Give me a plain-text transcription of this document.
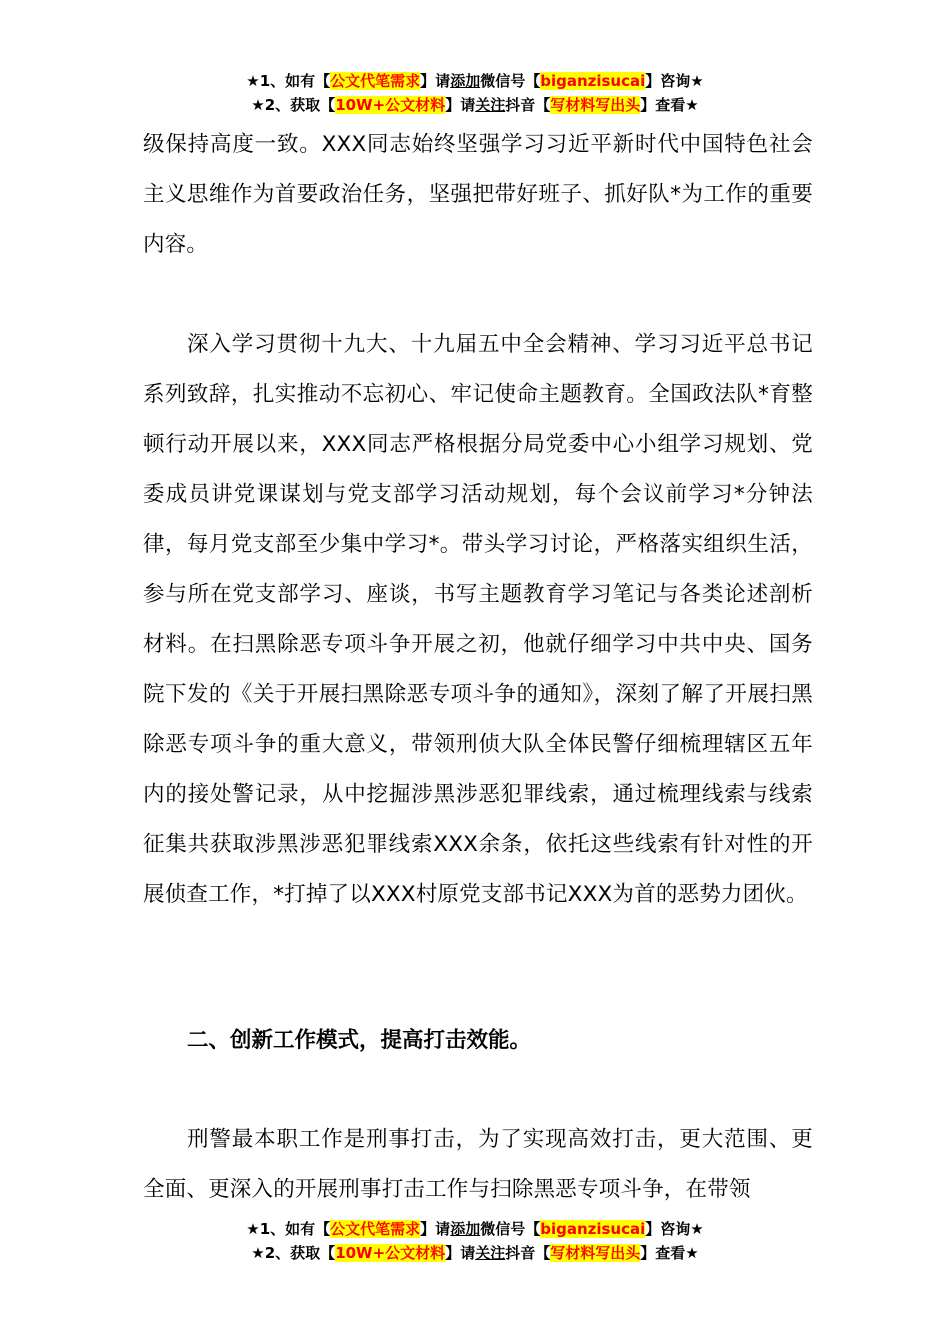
★1、如有【公文代笔需求】请添加微信号【biganzisucai】咨询★
★2、获取【10W+公文材料】请关注抖音【写材料写出头】查看★

级保持高度一致。XXX同志始终坚强学习习近平新时代中国特色社会主义思维作为首要政治任务，坚强把带好班子、抓好队*为工作的重要内容。

深入学习贯彻十九大、十九届五中全会精神、学习习近平总书记系列致辞，扎实推动不忘初心、牢记使命主题教育。全国政法队*育整顿行动开展以来，XXX同志严格根据分局党委中心小组学习规划、党委成员讲党课谋划与党支部学习活动规划，每个会议前学习*分钟法律，每月党支部至少集中学习*。带头学习讨论，严格落实组织生活，参与所在党支部学习、座谈，书写主题教育学习笔记与各类论述剖析材料。在扫黑除恶专项斗争开展之初，他就仔细学习中共中央、国务院下发的《关于开展扫黑除恶专项斗争的通知》，深刻了解了开展扫黑除恶专项斗争的重大意义，带领刑侦大队全体民警仔细梳理辖区五年内的接处警记录，从中挖掘涉黑涉恶犯罪线索，通过梳理线索与线索征集共获取涉黑涉恶犯罪线索XXX余条，依托这些线索有针对性的开展侦查工作，*打掉了以XXX村原党支部书记XXX为首的恶势力团伙。

二、创新工作模式，提高打击效能。

刑警最本职工作是刑事打击，为了实现高效打击，更大范围、更全面、更深入的开展刑事打击工作与扫除黑恶专项斗争，在带领

★1、如有【公文代笔需求】请添加微信号【biganzisucai】咨询★
★2、获取【10W+公文材料】请关注抖音【写材料写出头】查看★
